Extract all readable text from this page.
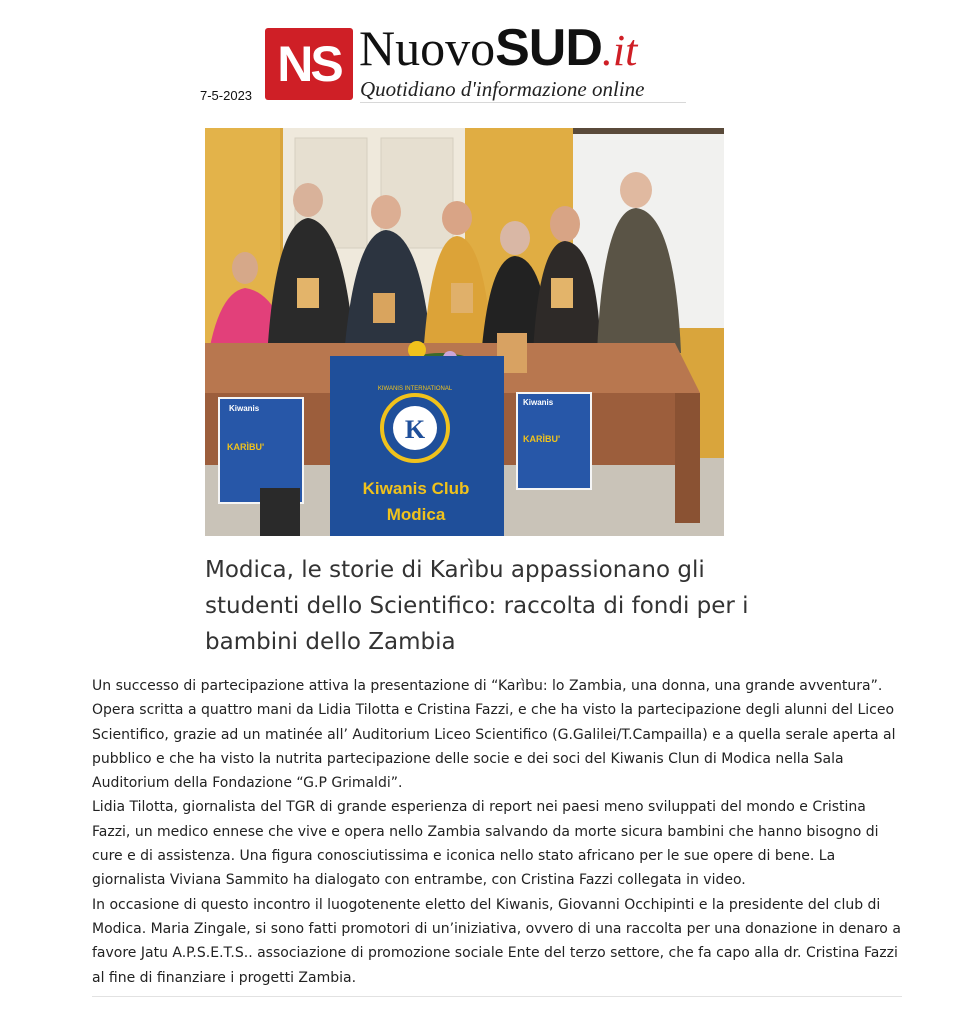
NS NuovoSUD.it
Quotidiano d'informazione online
7-5-2023
K
KIWANIS INTERNATIONAL
Kiwanis Club
Modica
Kiwanis
KARÌBU'
Kiwanis
KARÌBU'
Modica, le storie di Karìbu appassionano gli studenti dello Scientifico: raccolta di fondi per i bambini dello Zambia

Un successo di partecipazione attiva la presentazione di “Karìbu: lo Zambia, una donna, una grande avventura”. Opera scritta a quattro mani da Lidia Tilotta e Cristina Fazzi, e che ha visto la partecipazione degli alunni del Liceo Scientifico, grazie ad un matinée all’ Auditorium Liceo Scientifico (G.Galilei/T.Campailla) e a quella serale aperta al pubblico e che ha visto la nutrita partecipazione delle socie e dei soci del Kiwanis Clun di Modica nella Sala Auditorium della Fondazione “G.P Grimaldi”.

Lidia Tilotta, giornalista del TGR di grande esperienza di report nei paesi meno sviluppati del mondo e Cristina Fazzi, un medico ennese che vive e opera nello Zambia salvando da morte sicura bambini che hanno bisogno di cure e di assistenza. Una figura conosciutissima e iconica nello stato africano per le sue opere di bene. La giornalista Viviana Sammito ha dialogato con entrambe, con Cristina Fazzi collegata in video.

In occasione di questo incontro il luogotenente eletto del Kiwanis, Giovanni Occhipinti e la presidente del club di Modica. Maria Zingale, si sono fatti promotori di un’iniziativa, ovvero di una raccolta per una donazione in denaro a favore Jatu A.P.S.E.T.S.. associazione di promozione sociale Ente del terzo settore, che fa capo alla dr. Cristina Fazzi al fine di finanziare i progetti Zambia.
